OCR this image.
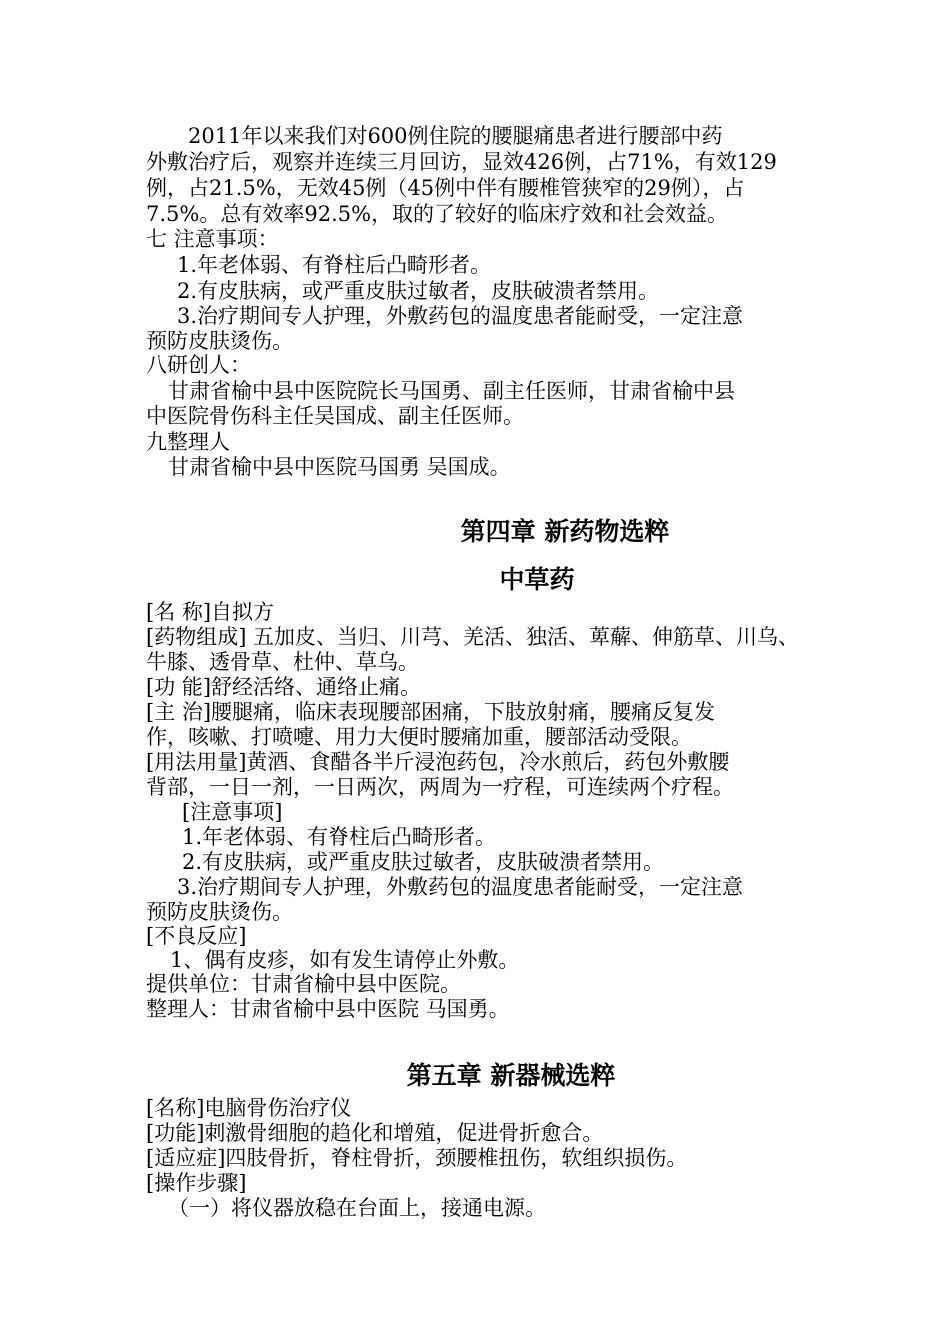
2011年以来我们对600例住院的腰腿痛患者进行腰部中药
外敷治疗后，观察并连续三月回访，显效426例，占71%，有效129
例，占21.5%，无效45例（45例中伴有腰椎管狭窄的29例），占
7.5%。总有效率92.5%，取的了较好的临床疗效和社会效益。
七 注意事项：
1.年老体弱、有脊柱后凸畸形者。
2.有皮肤病，或严重皮肤过敏者，皮肤破溃者禁用。
3.治疗期间专人护理，外敷药包的温度患者能耐受，一定注意
预防皮肤烫伤。
八研创人：
甘肃省榆中县中医院院长马国勇、副主任医师，甘肃省榆中县
中医院骨伤科主任吴国成、副主任医师。
九整理人
甘肃省榆中县中医院马国勇 吴国成。
第四章 新药物选粹
中草药
[名 称]自拟方
[药物组成] 五加皮、当归、川芎、羌活、独活、萆薢、伸筋草、川乌、
牛膝、透骨草、杜仲、草乌。
[功 能]舒经活络、通络止痛。
[主 治]腰腿痛，临床表现腰部困痛，下肢放射痛，腰痛反复发
作，咳嗽、打喷嚏、用力大便时腰痛加重，腰部活动受限。
[用法用量]黄酒、食醋各半斤浸泡药包，冷水煎后，药包外敷腰
背部，一日一剂，一日两次，两周为一疗程，可连续两个疗程。
[注意事项]
1.年老体弱、有脊柱后凸畸形者。
2.有皮肤病，或严重皮肤过敏者，皮肤破溃者禁用。
3.治疗期间专人护理，外敷药包的温度患者能耐受，一定注意
预防皮肤烫伤。
[不良反应]
1、偶有皮疹，如有发生请停止外敷。
提供单位：甘肃省榆中县中医院。
整理人：甘肃省榆中县中医院 马国勇。
第五章 新器械选粹
[名称]电脑骨伤治疗仪
[功能]刺激骨细胞的趋化和增殖，促进骨折愈合。
[适应症]四肢骨折，脊柱骨折，颈腰椎扭伤，软组织损伤。
[操作步骤]
（一）将仪器放稳在台面上，接通电源。
